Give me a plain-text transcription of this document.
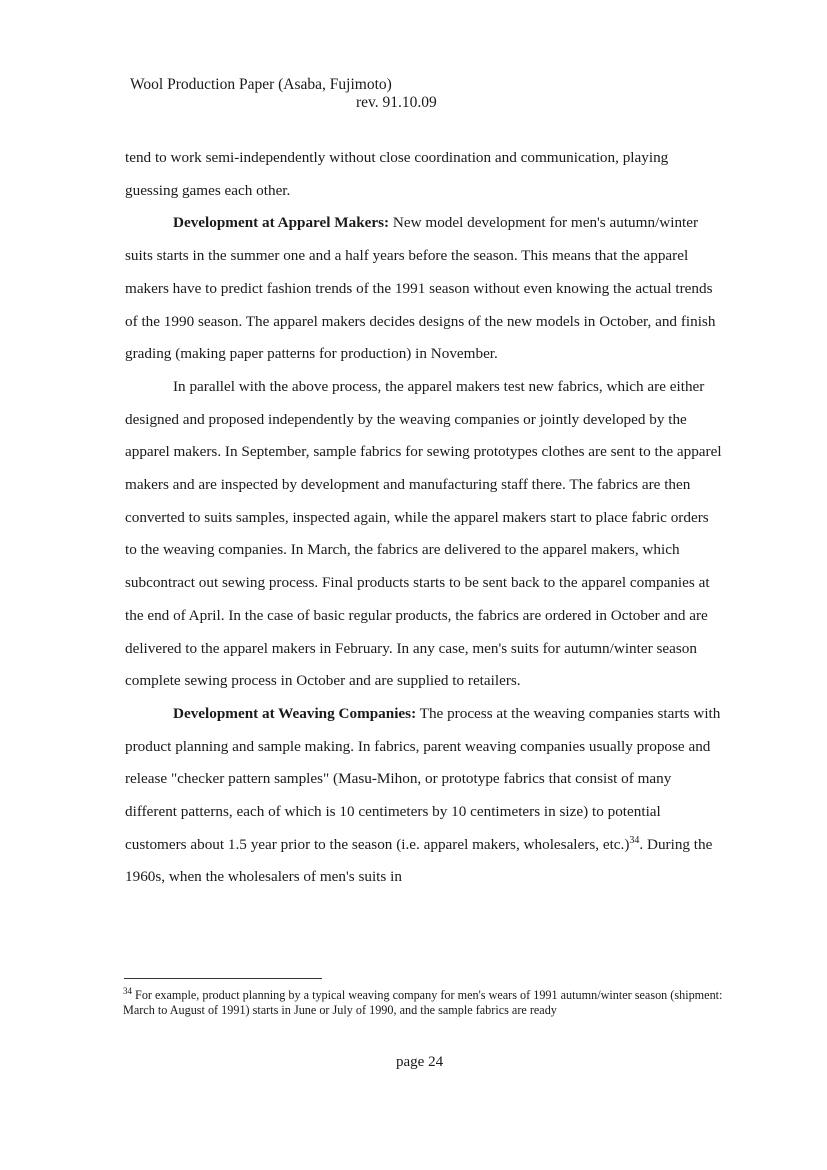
Wool Production Paper (Asaba, Fujimoto)
rev. 91.10.09

tend to work semi-independently without close coordination and communication, playing guessing games each other.

Development at Apparel Makers: New model development for men's autumn/winter suits starts in the summer one and a half years before the season. This means that the apparel makers have to predict fashion trends of the 1991 season without even knowing the actual trends of the 1990 season. The apparel makers decides designs of the new models in October, and finish grading (making paper patterns for production) in November.

In parallel with the above process, the apparel makers test new fabrics, which are either designed and proposed independently by the weaving companies or jointly developed by the apparel makers. In September, sample fabrics for sewing prototypes clothes are sent to the apparel makers and are inspected by development and manufacturing staff there. The fabrics are then converted to suits samples, inspected again, while the apparel makers start to place fabric orders to the weaving companies. In March, the fabrics are delivered to the apparel makers, which subcontract out sewing process. Final products starts to be sent back to the apparel companies at the end of April. In the case of basic regular products, the fabrics are ordered in October and are delivered to the apparel makers in February. In any case, men's suits for autumn/winter season complete sewing process in October and are supplied to retailers.

Development at Weaving Companies: The process at the weaving companies starts with product planning and sample making. In fabrics, parent weaving companies usually propose and release "checker pattern samples" (Masu-Mihon, or prototype fabrics that consist of many different patterns, each of which is 10 centimeters by 10 centimeters in size) to potential customers about 1.5 year prior to the season (i.e. apparel makers, wholesalers, etc.)$^{34}$. During the 1960s, when the wholesalers of men's suits in

$^{34}$ For example, product planning by a typical weaving company for men's wears of 1991 autumn/winter season (shipment: March to August of 1991) starts in June or July of 1990, and the sample fabrics are ready
page 24
